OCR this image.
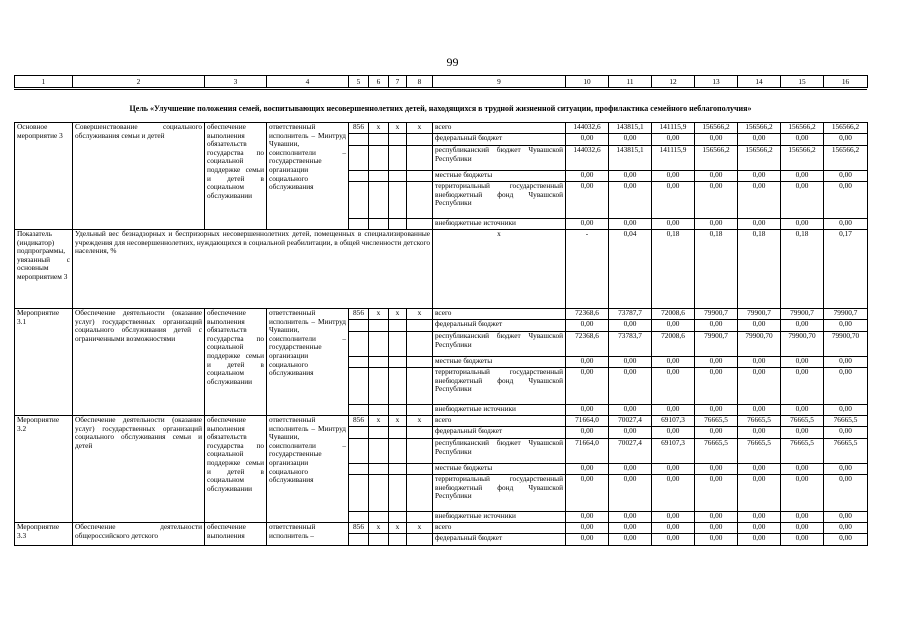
99
1	2	3	4	5	6	7	8	9	10	11	12	13	14	15	16
Цель «Улучшение положения семей, воспитывающих несовершеннолетних детей, находящихся в трудной жизненной ситуации, профилактика семейного неблагополучия»
Основное мероприятие 3	Совершенствование социального обслуживания семьи и детей	обеспечение выполнения обязательств государства по социальной поддержке семьи и детей в социальном обслуживании	ответственный исполнитель – Минтруд Чувашии, соисполнители – государственные организации социального обслуживания	856	x	x	x	всего	144032,6	143815,1	141115,9	156566,2	156566,2	156566,2	156566,2
								федеральный бюджет	0,00	0,00	0,00	0,00	0,00	0,00	0,00
								республиканский бюджет Чувашской Республики	144032,6	143815,1	141115,9	156566,2	156566,2	156566,2	156566,2
								местные бюджеты	0,00	0,00	0,00	0,00	0,00	0,00	0,00
								территориальный государственный внебюджетный фонд Чувашской Республики	0,00	0,00	0,00	0,00	0,00	0,00	0,00
								внебюджетные источники	0,00	0,00	0,00	0,00	0,00	0,00	0,00
Показатель (индикатор) подпрограммы, увязанный с основным мероприятием 3	Удельный вес безнадзорных и беспризорных несовершеннолетних детей, помещенных в специализированные учреждения для несовершеннолетних, нуждающихся в социальной реабилитации, в общей численности детского населения, %							x	-	0,04	0,18	0,18	0,18	0,18	0,17
Мероприятие 3.1	Обеспечение деятельности (оказание услуг) государственных организаций социального обслуживания детей с ограниченными возможностями	обеспечение выполнения обязательств государства по социальной поддержке семьи и детей в социальном обслуживании	ответственный исполнитель – Минтруд Чувашии, соисполнители – государственные организации социального обслуживания	856	x	x	x	всего	72368,6	73787,7	72008,6	79900,7	79900,7	79900,7	79900,7
								федеральный бюджет	0,00	0,00	0,00	0,00	0,00	0,00	0,00
								республиканский бюджет Чувашской Республики	72368,6	73783,7	72008,6	79900,7	79900,70	79900,70	79900,70
								местные бюджеты	0,00	0,00	0,00	0,00	0,00	0,00	0,00
								территориальный государственный внебюджетный фонд Чувашской Республики	0,00	0,00	0,00	0,00	0,00	0,00	0,00
								внебюджетные источники	0,00	0,00	0,00	0,00	0,00	0,00	0,00
Мероприятие 3.2	Обеспечение деятельности (оказание услуг) государственных организаций социального обслуживания семьи и детей	обеспечение выполнения обязательств государства по социальной поддержке семьи и детей в социальном обслуживании	ответственный исполнитель – Минтруд Чувашии, соисполнители – государственные организации социального обслуживания	856	x	x	x	всего	71664,0	70027,4	69107,3	76665,5	76665,5	76665,5	76665,5
								федеральный бюджет	0,00	0,00	0,00	0,00	0,00	0,00	0,00
								республиканский бюджет Чувашской Республики	71664,0	70027,4	69107,3	76665,5	76665,5	76665,5	76665,5
								местные бюджеты	0,00	0,00	0,00	0,00	0,00	0,00	0,00
								территориальный государственный внебюджетный фонд Чувашской Республики	0,00	0,00	0,00	0,00	0,00	0,00	0,00
								внебюджетные источники	0,00	0,00	0,00	0,00	0,00	0,00	0,00
Мероприятие 3.3	Обеспечение деятельности общероссийского детского	обеспечение выполнения	ответственный исполнитель –	856	x	x	x	всего	0,00	0,00	0,00	0,00	0,00	0,00	0,00
								федеральный бюджет	0,00	0,00	0,00	0,00	0,00	0,00	0,00
